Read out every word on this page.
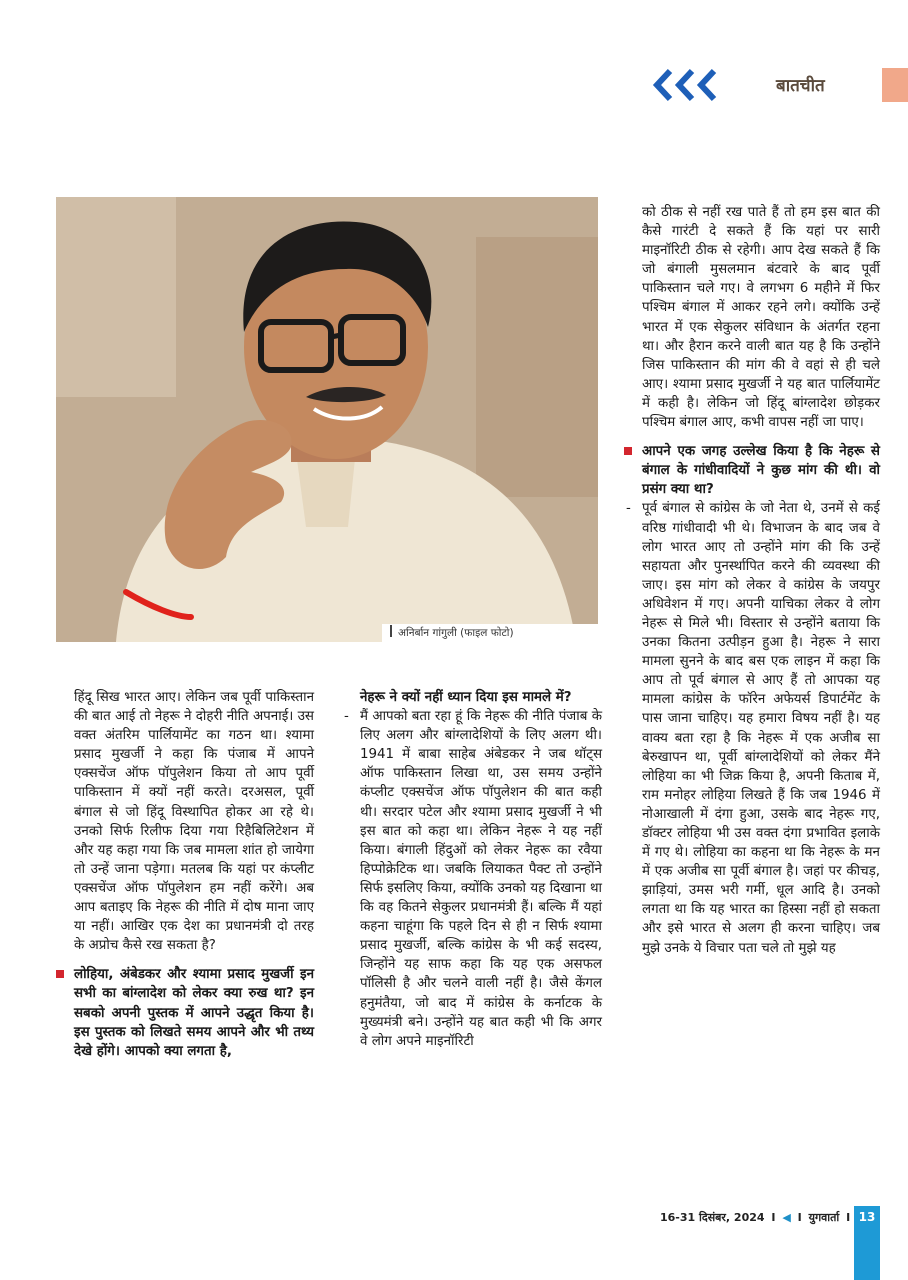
बातचीत
अनिर्बान गांगुली (फाइल फोटो)

हिंदू सिख भारत आए। लेकिन जब पूर्वी पाकिस्तान की बात आई तो नेहरू ने दोहरी नीति अपनाई। उस वक्त अंतरिम पार्लियामेंट का गठन था। श्यामा प्रसाद मुखर्जी ने कहा कि पंजाब में आपने एक्सचेंज ऑफ पॉपुलेशन किया तो आप पूर्वी पाकिस्तान में क्यों नहीं करते। दरअसल, पूर्वी बंगाल से जो हिंदू विस्थापित होकर आ रहे थे। उनको सिर्फ रिलीफ दिया गया रिहैबिलिटेशन में और यह कहा गया कि जब मामला शांत हो जायेगा तो उन्हें जाना पड़ेगा। मतलब कि यहां पर कंप्लीट एक्सचेंज ऑफ पॉपुलेशन हम नहीं करेंगे। अब आप बताइए कि नेहरू की नीति में दोष माना जाए या नहीं। आखिर एक देश का प्रधानमंत्री दो तरह के अप्रोच कैसे रख सकता है?

लोहिया, अंबेडकर और श्यामा प्रसाद मुखर्जी इन सभी का बांग्लादेश को लेकर क्या रुख था? इन सबको अपनी पुस्तक में आपने उद्धृत किया है। इस पुस्तक को लिखते समय आपने और भी तथ्य देखे होंगे। आपको क्या लगता है,

नेहरू ने क्यों नहीं ध्यान दिया इस मामले में?

- मैं आपको बता रहा हूं कि नेहरू की नीति पंजाब के लिए अलग और बांग्लादेशियों के लिए अलग थी। 1941 में बाबा साहेब अंबेडकर ने जब थॉट्स ऑफ पाकिस्तान लिखा था, उस समय उन्होंने कंप्लीट एक्सचेंज ऑफ पॉपुलेशन की बात कही थी। सरदार पटेल और श्यामा प्रसाद मुखर्जी ने भी इस बात को कहा था। लेकिन नेहरू ने यह नहीं किया। बंगाली हिंदुओं को लेकर नेहरू का रवैया हिप्पोक्रेटिक था। जबकि लियाकत पैक्ट तो उन्होंने सिर्फ इसलिए किया, क्योंकि उनको यह दिखाना था कि वह कितने सेकुलर प्रधानमंत्री हैं। बल्कि मैं यहां कहना चाहूंगा कि पहले दिन से ही न सिर्फ श्यामा प्रसाद मुखर्जी, बल्कि कांग्रेस के भी कई सदस्य, जिन्होंने यह साफ कहा कि यह एक असफल पॉलिसी है और चलने वाली नहीं है। जैसे केंगल हनुमंतैया, जो बाद में कांग्रेस के कर्नाटक के मुख्यमंत्री बने। उन्होंने यह बात कही भी कि अगर वे लोग अपने माइनॉरिटी

को ठीक से नहीं रख पाते हैं तो हम इस बात की कैसे गारंटी दे सकते हैं कि यहां पर सारी माइनॉरिटी ठीक से रहेगी। आप देख सकते हैं कि जो बंगाली मुसलमान बंटवारे के बाद पूर्वी पाकिस्तान चले गए। वे लगभग 6 महीने में फिर पश्चिम बंगाल में आकर रहने लगे। क्योंकि उन्हें भारत में एक सेकुलर संविधान के अंतर्गत रहना था। और हैरान करने वाली बात यह है कि उन्होंने जिस पाकिस्तान की मांग की वे वहां से ही चले आए। श्यामा प्रसाद मुखर्जी ने यह बात पार्लियामेंट में कही है। लेकिन जो हिंदू बांग्लादेश छोड़कर पश्चिम बंगाल आए, कभी वापस नहीं जा पाए।

आपने एक जगह उल्लेख किया है कि नेहरू से बंगाल के गांधीवादियों ने कुछ मांग की थी। वो प्रसंग क्या था?

- पूर्व बंगाल से कांग्रेस के जो नेता थे, उनमें से कई वरिष्ठ गांधीवादी भी थे। विभाजन के बाद जब वे लोग भारत आए तो उन्होंने मांग की कि उन्हें सहायता और पुनर्स्थापित करने की व्यवस्था की जाए। इस मांग को लेकर वे कांग्रेस के जयपुर अधिवेशन में गए। अपनी याचिका लेकर वे लोग नेहरू से मिले भी। विस्तार से उन्होंने बताया कि उनका कितना उत्पीड़न हुआ है। नेहरू ने सारा मामला सुनने के बाद बस एक लाइन में कहा कि आप तो पूर्व बंगाल से आए हैं तो आपका यह मामला कांग्रेस के फॉरेन अफेयर्स डिपार्टमेंट के पास जाना चाहिए। यह हमारा विषय नहीं है। यह वाक्य बता रहा है कि नेहरू में एक अजीब सा बेरुखापन था, पूर्वी बांग्लादेशियों को लेकर मैंने लोहिया का भी जिक्र किया है, अपनी किताब में, राम मनोहर लोहिया लिखते हैं कि जब 1946 में नोआखाली में दंगा हुआ, उसके बाद नेहरू गए, डॉक्टर लोहिया भी उस वक्त दंगा प्रभावित इलाके में गए थे। लोहिया का कहना था कि नेहरू के मन में एक अजीब सा पूर्वी बंगाल है। जहां पर कीचड़, झाड़ियां, उमस भरी गर्मी, धूल आदि है। उनको लगता था कि यह भारत का हिस्सा नहीं हो सकता और इसे भारत से अलग ही करना चाहिए। जब मुझे उनके ये विचार पता चले तो मुझे यह

16-31 दिसंबर, 2024 I ◀ I युगवार्ता I 13
